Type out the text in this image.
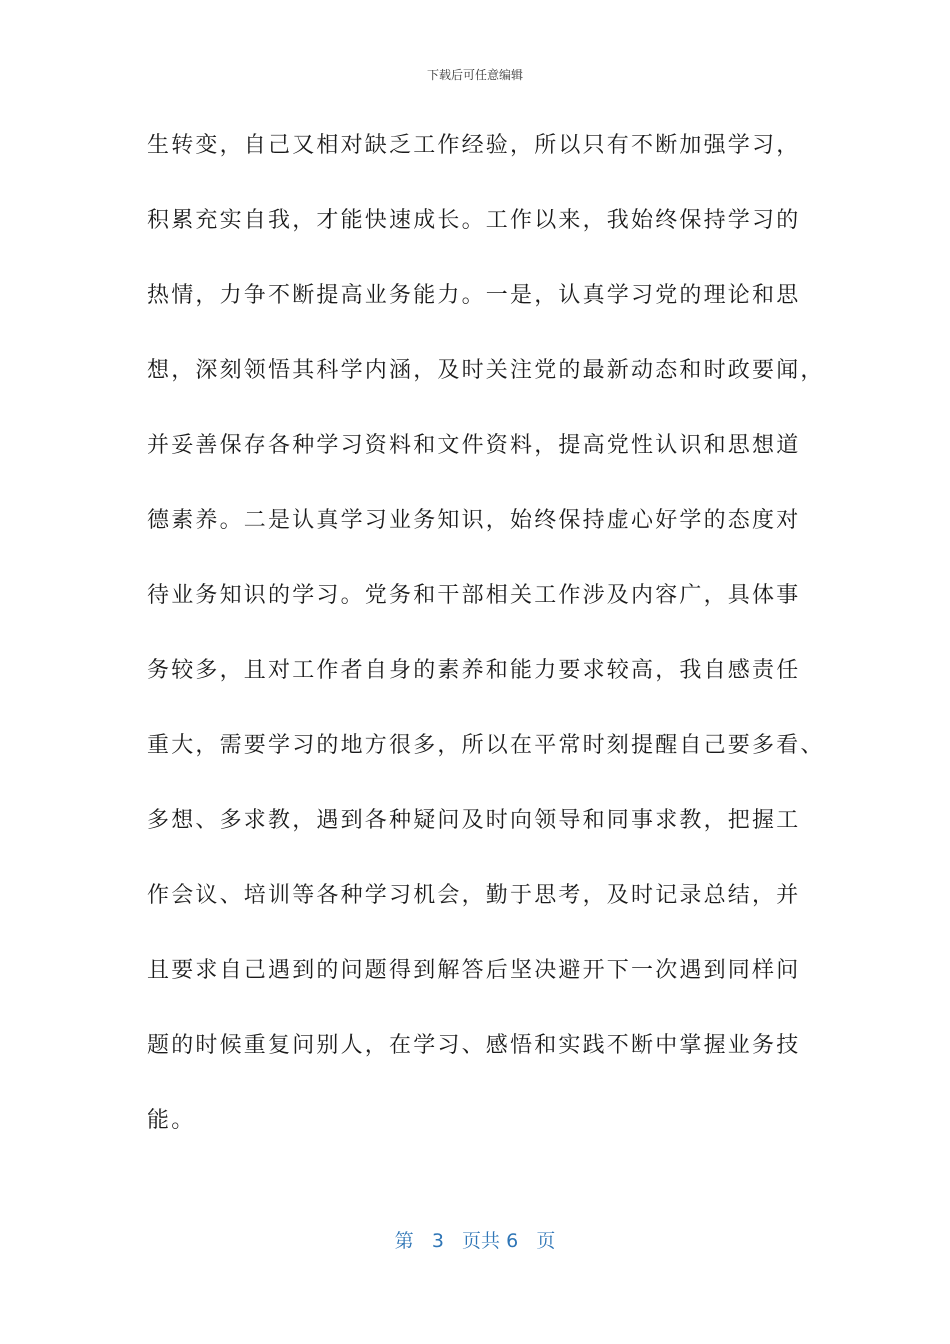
下载后可任意编辑
生转变，自己又相对缺乏工作经验，所以只有不断加强学习，
积累充实自我，才能快速成长。工作以来，我始终保持学习的
热情，力争不断提高业务能力。一是，认真学习党的理论和思
想，深刻领悟其科学内涵，及时关注党的最新动态和时政要闻，
并妥善保存各种学习资料和文件资料，提高党性认识和思想道
德素养。二是认真学习业务知识，始终保持虚心好学的态度对
待业务知识的学习。党务和干部相关工作涉及内容广，具体事
务较多，且对工作者自身的素养和能力要求较高，我自感责任
重大，需要学习的地方很多，所以在平常时刻提醒自己要多看、
多想、多求教，遇到各种疑问及时向领导和同事求教，把握工
作会议、培训等各种学习机会，勤于思考，及时记录总结，并
且要求自己遇到的问题得到解答后坚决避开下一次遇到同样问
题的时候重复问别人，在学习、感悟和实践不断中掌握业务技
能。
第 3 页共 6 页
